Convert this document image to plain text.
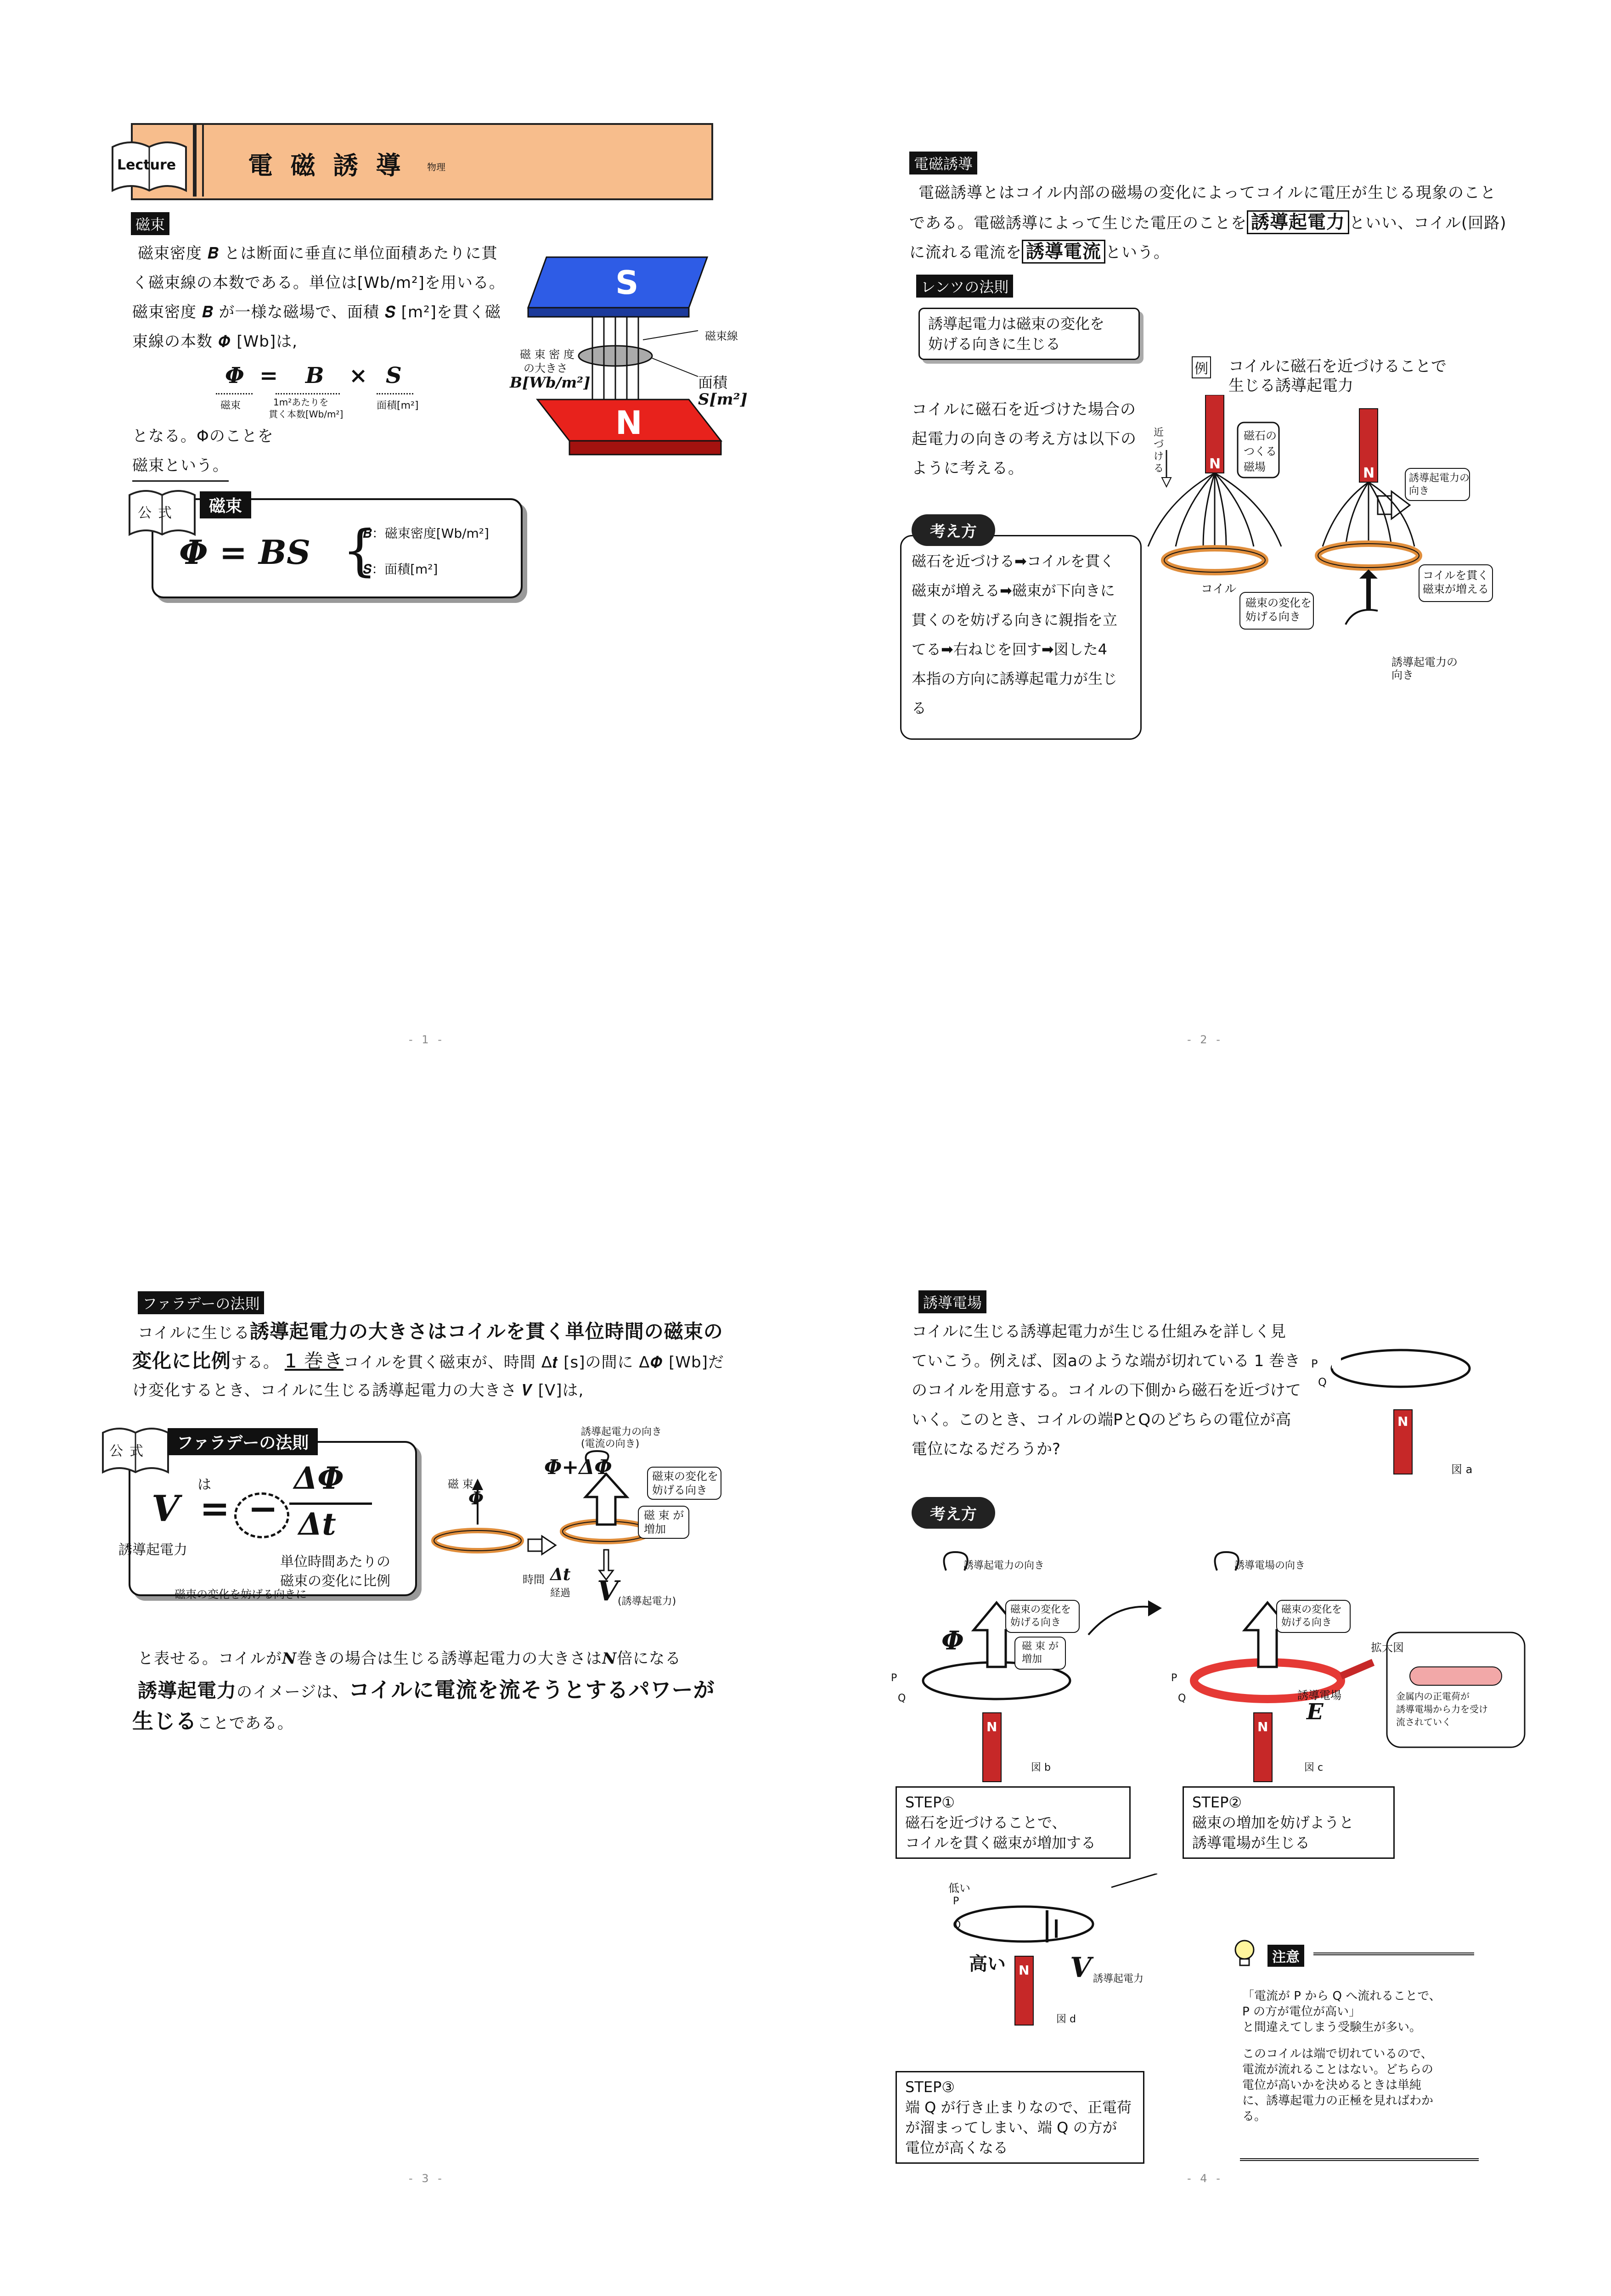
Lecture	電 磁 誘 導 物理
磁束
磁束密度 𝑩 とは断面に垂直に単位面積あたりに貫
く磁束線の本数である。単位は[Wb/m²]を用いる。
磁束密度 𝑩 が一様な磁場で、面積 𝑺 [m²]を貫く磁
束線の本数 𝜱 [Wb]は,
Φ = B × S
磁束	1m²あたりを
貫く本数[Wb/m²]
面積[m²]
となる。Φのことを
磁束という。
公式	磁束
Φ = BS {
𝑩：磁束密度[Wb/m²]
𝑺：面積[m²]
S
N
磁束線
磁 束 密 度
の大きさ
B[Wb/m²]	面積
S[m²]
- 1 -
電磁誘導
電磁誘導とはコイル内部の磁場の変化によってコイルに電圧が生じる現象のこと
である。電磁誘導によって生じた電圧のことを 誘導起電力 といい、コイル(回路)
に流れる電流を 誘導電流 という。
レンツの法則
誘導起電力は磁束の変化を
妨げる向きに生じる
コイルに磁石を近づけた場合の
起電力の向きの考え方は以下の
ように考える。
考え方
磁石を近づける➡コイルを貫く
磁束が増える➡磁束が下向きに
貫くのを妨げる向きに親指を立
てる➡右ねじを回す➡図した4
本指の方向に誘導起電力が生じ
る
例 コイルに磁石を近づけることで
生じる誘導起電力
N
N
近
づ
け
る
磁石の
つくる
磁場
コイル
誘導起電力の
向き
コイルを貫く
磁束が増える
磁束の変化を
妨げる向き
誘導起電力の
向き
- 2 -
ファラデーの法則
コイルに生じる誘導起電力の大きさはコイルを貫く単位時間の磁束の
変化に比例する。 1 巻きコイルを貫く磁束が、時間 Δ𝒕 [s]の間に Δ𝜱 [Wb]だ
け変化するとき、コイルに生じる誘導起電力の大きさ 𝑽 [V]は,
公式	ファラデーの法則
V
は
= −
ΔΦ
Δt
誘導起電力
単位時間あたりの
磁束の変化に比例
磁束の変化を妨げる向きに
磁 束
Φ
Φ+ΔΦ
誘導起電力の向き
(電流の向き)
磁束の変化を
妨げる向き
磁 束 が
増加
時間 Δt
経過 V
(誘導起電力)
と表せる。コイルがN巻きの場合は生じる誘導起電力の大きさはN倍になる
誘導起電力のイメージは、コイルに電流を流そうとするパワーが
生じることである。
- 3 -
誘導電場
コイルに生じる誘導起電力が生じる仕組みを詳しく見
ていこう。例えば、図aのような端が切れている 1 巻き
のコイルを用意する。コイルの下側から磁石を近づけて
いく。このとき、コイルの端PとQのどちらの電位が高
電位になるだろうか?
N
P
Q
図 a
考え方
N
誘導起電力の向き
磁束の変化を
妨げる向き
磁 束 が
増加
Φ
P
Q
図 b
N
誘導電場の向き
磁束の変化を
妨げる向き
P
Q	誘導電場
E
図 c
拡大図
金属内の正電荷が
誘導電場から力を受け
流されていく
STEP①
磁石を近づけることで、
コイルを貫く磁束が増加する
STEP②
磁束の増加を妨げようと
誘導電場が生じる
N
低い
P
Q
高い V 誘導起電力
図 d
STEP③
端 Q が行き止まりなので、正電荷
が溜まってしまい、端 Q の方が
電位が高くなる
注意
「電流が P から Q へ流れることで、
P の方が電位が高い」
と間違えてしまう受験生が多い。
このコイルは端で切れているので、
電流が流れることはない。どちらの
電位が高いかを決めるときは単純
に、誘導起電力の正極を見ればわか
る。
- 4 -
